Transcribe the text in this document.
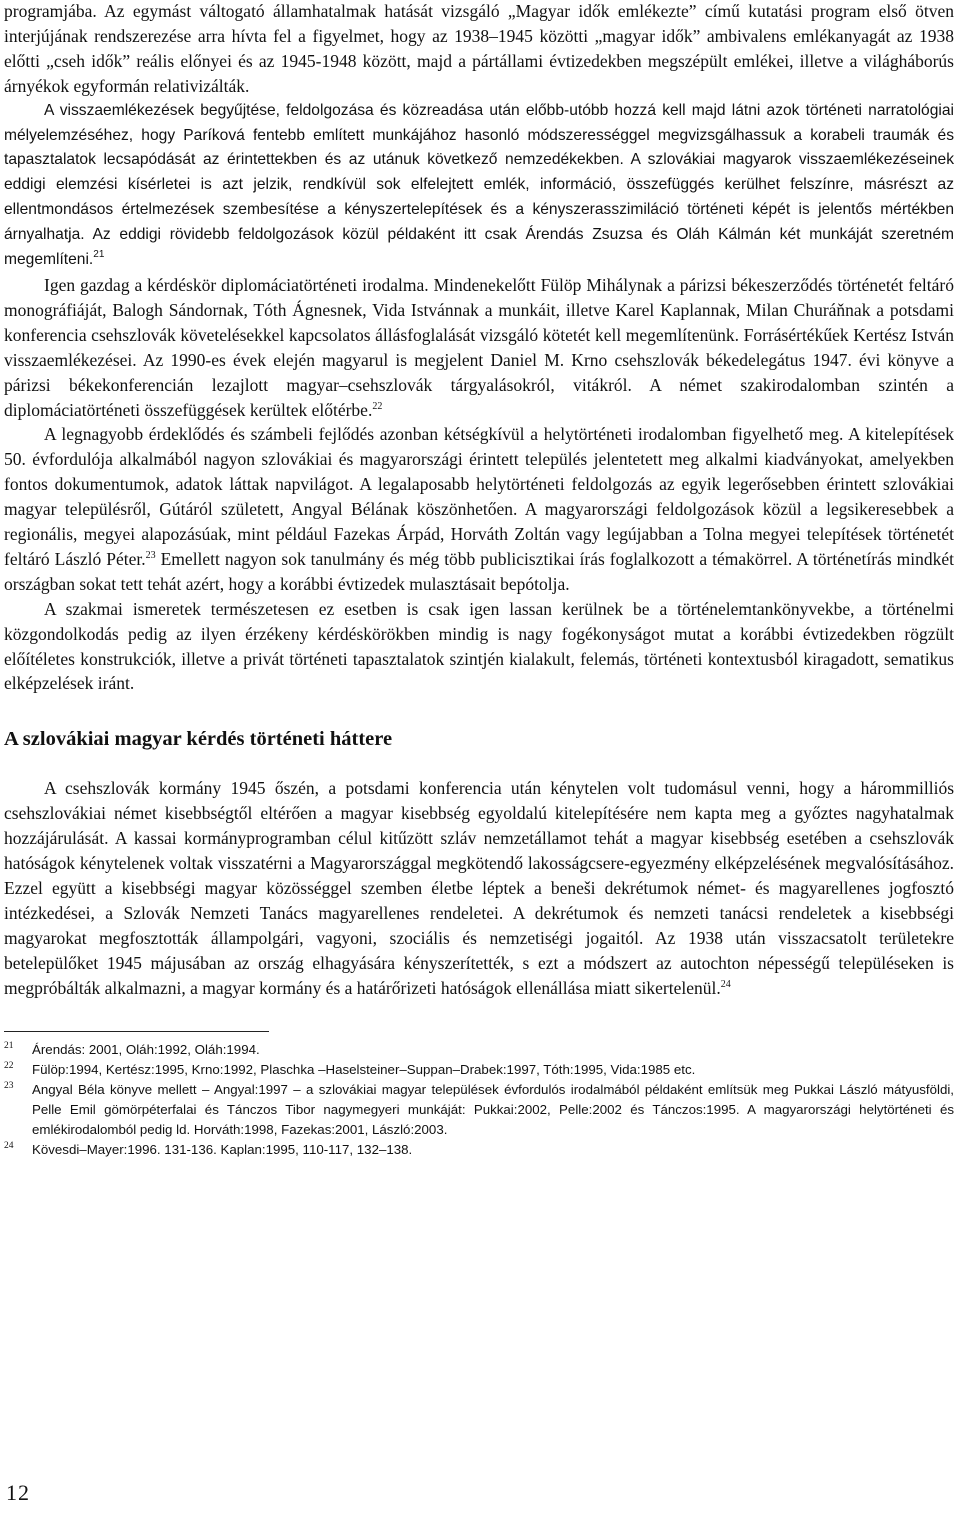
programjába. Az egymást váltogató államhatalmak hatását vizsgáló „Magyar idők emlékezte” című kutatási program első ötven interjújának rendszerezése arra hívta fel a figyelmet, hogy az 1938–1945 közötti „magyar idők” ambivalens emlékanyagát az 1938 előtti „cseh idők” reális előnyei és az 1945-1948 között, majd a pártállami évtizedekben megszépült emlékei, illetve a világháborús árnyékok egyformán relativizálták.

A visszaemlékezések begyűjtése, feldolgozása és közreadása után előbb-utóbb hozzá kell majd látni azok történeti narratológiai mélyelemzéséhez, hogy Paríková fentebb említett munkájához hasonló módszerességgel megvizsgálhassuk a korabeli traumák és tapasztalatok lecsapódását az érintettekben és az utánuk következő nemzedékekben. A szlovákiai magyarok visszaemlékezéseinek eddigi elemzési kísérletei is azt jelzik, rendkívül sok elfelejtett emlék, információ, összefüggés kerülhet felszínre, másrészt az ellentmondásos értelmezések szembesítése a kényszertelepítések és a kényszerasszimiláció történeti képét is jelentős mértékben árnyalhatja. Az eddigi rövidebb feldolgozások közül példaként itt csak Árendás Zsuzsa és Oláh Kálmán két munkáját szeretném megemlíteni.$^{21}$

Igen gazdag a kérdéskör diplomáciatörténeti irodalma. Mindenekelőtt Fülöp Mihálynak a párizsi békeszerződés történetét feltáró monográfiáját, Balogh Sándornak, Tóth Ágnesnek, Vida Istvánnak a munkáit, illetve Karel Kaplannak, Milan Churáňnak a potsdami konferencia csehszlovák követelésekkel kapcsolatos állásfoglalását vizsgáló kötetét kell megemlítenünk. Forrásértékűek Kertész István visszaemlékezései. Az 1990-es évek elején magyarul is megjelent Daniel M. Krno csehszlovák békedelegátus 1947. évi könyve a párizsi békekonferencián lezajlott magyar–csehszlovák tárgyalásokról, vitákról. A német szakirodalomban szintén a diplomáciatörténeti összefüggések kerültek előtérbe.$^{22}$

A legnagyobb érdeklődés és számbeli fejlődés azonban kétségkívül a helytörténeti irodalomban figyelhető meg. A kitelepítések 50. évfordulója alkalmából nagyon szlovákiai és magyarországi érintett település jelentetett meg alkalmi kiadványokat, amelyekben fontos dokumentumok, adatok láttak napvilágot. A legalaposabb helytörténeti feldolgozás az egyik legerősebben érintett szlovákiai magyar településről, Gútáról született, Angyal Bélának köszönhetően. A magyarországi feldolgozások közül a legsikeresebbek a regionális, megyei alapozásúak, mint például Fazekas Árpád, Horváth Zoltán vagy legújabban a Tolna megyei telepítések történetét feltáró László Péter.$^{23}$ Emellett nagyon sok tanulmány és még több publicisztikai írás foglalkozott a témakörrel. A történetírás mindkét országban sokat tett tehát azért, hogy a korábbi évtizedek mulasztásait bepótolja.

A szakmai ismeretek természetesen ez esetben is csak igen lassan kerülnek be a történelemtankönyvekbe, a történelmi közgondolkodás pedig az ilyen érzékeny kérdéskörökben mindig is nagy fogékonyságot mutat a korábbi évtizedekben rögzült előítéletes konstrukciók, illetve a privát történeti tapasztalatok szintjén kialakult, felemás, történeti kontextusból kiragadott, sematikus elképzelések iránt.

A szlovákiai magyar kérdés történeti háttere

A csehszlovák kormány 1945 őszén, a potsdami konferencia után kénytelen volt tudomásul venni, hogy a hárommilliós csehszlovákiai német kisebbségtől eltérően a magyar kisebbség egyoldalú kitelepítésére nem kapta meg a győztes nagyhatalmak hozzájárulását. A kassai kormányprogramban célul kitűzött szláv nemzetállamot tehát a magyar kisebbség esetében a csehszlovák hatóságok kénytelenek voltak visszatérni a Magyarországgal megkötendő lakosságcsere-egyezmény elképzelésének megvalósításához. Ezzel együtt a kisebbségi magyar közösséggel szemben életbe léptek a beneši dekrétumok német- és magyarellenes jogfosztó intézkedései, a Szlovák Nemzeti Tanács magyarellenes rendeletei. A dekrétumok és nemzeti tanácsi rendeletek a kisebbségi magyarokat megfosztották állampolgári, vagyoni, szociális és nemzetiségi jogaitól. Az 1938 után visszacsatolt területekre betelepülőket 1945 májusában az ország elhagyására kényszerítették, s ezt a módszert az autochton népességű településeken is megpróbálták alkalmazni, a magyar kormány és a határőrizeti hatóságok ellenállása miatt sikertelenül.$^{24}$

21 Árendás: 2001, Oláh:1992, Oláh:1994.

22 Fülöp:1994, Kertész:1995, Krno:1992, Plaschka –Haselsteiner–Suppan–Drabek:1997, Tóth:1995, Vida:1985 etc.

23 Angyal Béla könyve mellett – Angyal:1997 – a szlovákiai magyar települések évfordulós irodalmából példaként említsük meg Pukkai László mátyusföldi, Pelle Emil gömörpéterfalai és Tánczos Tibor nagymegyeri munkáját: Pukkai:2002, Pelle:2002 és Tánczos:1995. A magyarországi helytörténeti és emlékirodalomból pedig ld. Horváth:1998, Fazekas:2001, László:2003.

24 Kövesdi–Mayer:1996. 131-136. Kaplan:1995, 110-117, 132–138.

12
